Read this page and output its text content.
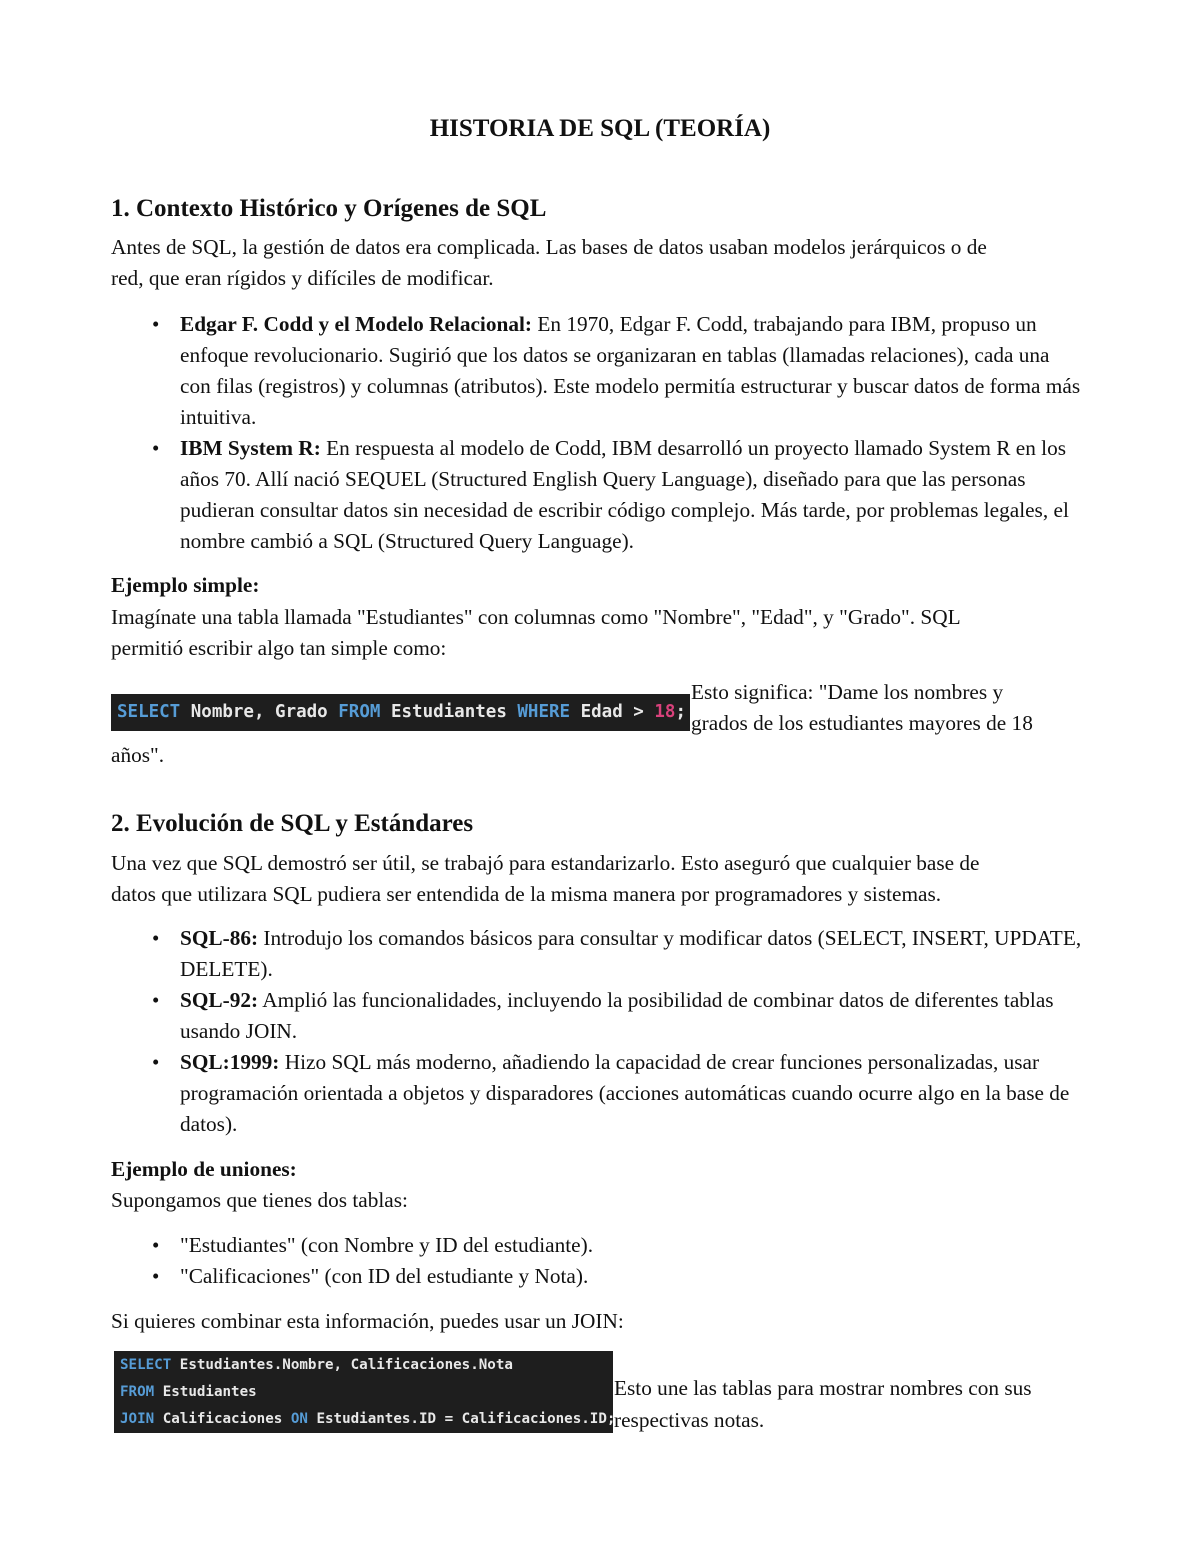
HISTORIA DE SQL (TEORÍA)
1. Contexto Histórico y Orígenes de SQL
Antes de SQL, la gestión de datos era complicada. Las bases de datos usaban modelos jerárquicos o de
red, que eran rígidos y difíciles de modificar.
• Edgar F. Codd y el Modelo Relacional: En 1970, Edgar F. Codd, trabajando para IBM, propuso un enfoque revolucionario. Sugirió que los datos se organizaran en tablas (llamadas relaciones), cada una con filas (registros) y columnas (atributos). Este modelo permitía estructurar y buscar datos de forma más intuitiva.
• IBM System R: En respuesta al modelo de Codd, IBM desarrolló un proyecto llamado System R en los años 70. Allí nació SEQUEL (Structured English Query Language), diseñado para que las personas pudieran consultar datos sin necesidad de escribir código complejo. Más tarde, por problemas legales, el nombre cambió a SQL (Structured Query Language).
Ejemplo simple:
Imagínate una tabla llamada "Estudiantes" con columnas como "Nombre", "Edad", y "Grado". SQL
permitió escribir algo tan simple como:
SELECT Nombre, Grado FROM Estudiantes WHERE Edad > 18;
Esto significa: "Dame los nombres y
grados de los estudiantes mayores de 18
años".
2. Evolución de SQL y Estándares
Una vez que SQL demostró ser útil, se trabajó para estandarizarlo. Esto aseguró que cualquier base de
datos que utilizara SQL pudiera ser entendida de la misma manera por programadores y sistemas.
• SQL-86: Introdujo los comandos básicos para consultar y modificar datos (SELECT, INSERT, UPDATE, DELETE).
• SQL-92: Amplió las funcionalidades, incluyendo la posibilidad de combinar datos de diferentes tablas usando JOIN.
• SQL:1999: Hizo SQL más moderno, añadiendo la capacidad de crear funciones personalizadas, usar programación orientada a objetos y disparadores (acciones automáticas cuando ocurre algo en la base de datos).
Ejemplo de uniones:
Supongamos que tienes dos tablas:
• "Estudiantes" (con Nombre y ID del estudiante).
• "Calificaciones" (con ID del estudiante y Nota).
Si quieres combinar esta información, puedes usar un JOIN:
SELECT Estudiantes.Nombre, Calificaciones.Nota
FROM Estudiantes
JOIN Calificaciones ON Estudiantes.ID = Calificaciones.ID;
Esto une las tablas para mostrar nombres con sus
respectivas notas.
